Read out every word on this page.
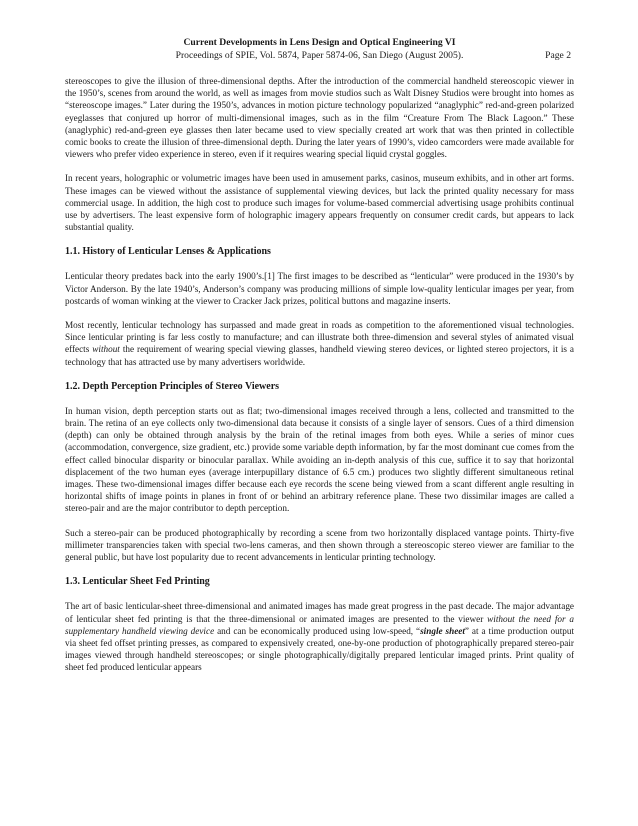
Current Developments in Lens Design and Optical Engineering VI
Proceedings of SPIE, Vol. 5874, Paper 5874-06, San Diego (August 2005).	Page 2

stereoscopes to give the illusion of three-dimensional depths. After the introduction of the commercial handheld stereoscopic viewer in the 1950’s, scenes from around the world, as well as images from movie studios such as Walt Disney Studios were brought into homes as “stereoscope images.” Later during the 1950’s, advances in motion picture technology popularized “anaglyphic” red-and-green polarized eyeglasses that conjured up horror of multi-dimensional images, such as in the film “Creature From The Black Lagoon.” These (anaglyphic) red-and-green eye glasses then later became used to view specially created art work that was then printed in collectible comic books to create the illusion of three-dimensional depth. During the later years of 1990’s, video camcorders were made available for viewers who prefer video experience in stereo, even if it requires wearing special liquid crystal goggles.

In recent years, holographic or volumetric images have been used in amusement parks, casinos, museum exhibits, and in other art forms. These images can be viewed without the assistance of supplemental viewing devices, but lack the printed quality necessary for mass commercial usage. In addition, the high cost to produce such images for volume-based commercial advertising usage prohibits continual use by advertisers. The least expensive form of holographic imagery appears frequently on consumer credit cards, but appears to lack substantial quality.

1.1. History of Lenticular Lenses & Applications

Lenticular theory predates back into the early 1900’s.[1] The first images to be described as “lenticular” were produced in the 1930’s by Victor Anderson. By the late 1940’s, Anderson’s company was producing millions of simple low-quality lenticular images per year, from postcards of woman winking at the viewer to Cracker Jack prizes, political buttons and magazine inserts.

Most recently, lenticular technology has surpassed and made great in roads as competition to the aforementioned visual technologies. Since lenticular printing is far less costly to manufacture; and can illustrate both three-dimension and several styles of animated visual effects without the requirement of wearing special viewing glasses, handheld viewing stereo devices, or lighted stereo projectors, it is a technology that has attracted use by many advertisers worldwide.

1.2. Depth Perception Principles of Stereo Viewers

In human vision, depth perception starts out as flat; two-dimensional images received through a lens, collected and transmitted to the brain. The retina of an eye collects only two-dimensional data because it consists of a single layer of sensors. Cues of a third dimension (depth) can only be obtained through analysis by the brain of the retinal images from both eyes. While a series of minor cues (accommodation, convergence, size gradient, etc.) provide some variable depth information, by far the most dominant cue comes from the effect called binocular disparity or binocular parallax. While avoiding an in-depth analysis of this cue, suffice it to say that horizontal displacement of the two human eyes (average interpupillary distance of 6.5 cm.) produces two slightly different simultaneous retinal images. These two-dimensional images differ because each eye records the scene being viewed from a scant different angle resulting in horizontal shifts of image points in planes in front of or behind an arbitrary reference plane. These two dissimilar images are called a stereo-pair and are the major contributor to depth perception.

Such a stereo-pair can be produced photographically by recording a scene from two horizontally displaced vantage points. Thirty-five millimeter transparencies taken with special two-lens cameras, and then shown through a stereoscopic stereo viewer are familiar to the general public, but have lost popularity due to recent advancements in lenticular printing technology.

1.3. Lenticular Sheet Fed Printing

The art of basic lenticular-sheet three-dimensional and animated images has made great progress in the past decade. The major advantage of lenticular sheet fed printing is that the three-dimensional or animated images are presented to the viewer without the need for a supplementary handheld viewing device and can be economically produced using low-speed, “single sheet” at a time production output via sheet fed offset printing presses, as compared to expensively created, one-by-one production of photographically prepared stereo-pair images viewed through handheld stereoscopes; or single photographically/digitally prepared lenticular imaged prints. Print quality of sheet fed produced lenticular appears
